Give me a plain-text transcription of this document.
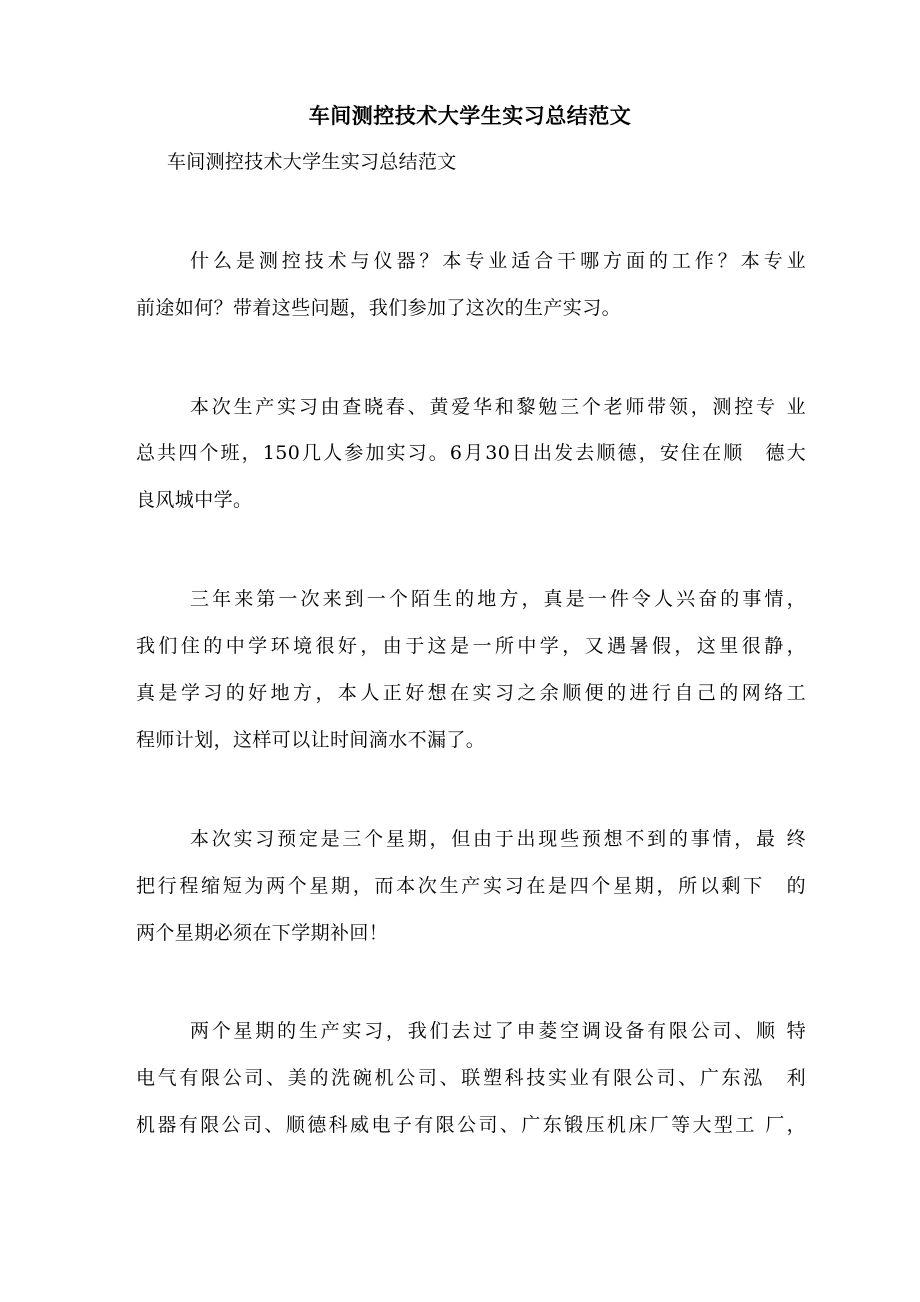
车间测控技术大学生实习总结范文
车间测控技术大学生实习总结范文
什么是测控技术与仪器？本专业适合干哪方面的工作？本专业
前途如何？带着这些问题，我们参加了这次的生产实习。
本次生产实习由查晓春、黄爱华和黎勉三个老师带领，测控专 业
总共四个班，150几人参加实习。6月30日出发去顺德，安住在顺　德大
良风城中学。
三年来第一次来到一个陌生的地方，真是一件令人兴奋的事情，
我们住的中学环境很好，由于这是一所中学，又遇暑假，这里很静，
真是学习的好地方，本人正好想在实习之余顺便的进行自己的网络工
程师计划，这样可以让时间滴水不漏了。
本次实习预定是三个星期，但由于出现些预想不到的事情，最 终
把行程缩短为两个星期，而本次生产实习在是四个星期，所以剩下　的
两个星期必须在下学期补回！
两个星期的生产实习，我们去过了申菱空调设备有限公司、顺 特
电气有限公司、美的洗碗机公司、联塑科技实业有限公司、广东泓　利
机器有限公司、顺德科威电子有限公司、广东锻压机床厂等大型工 厂，
